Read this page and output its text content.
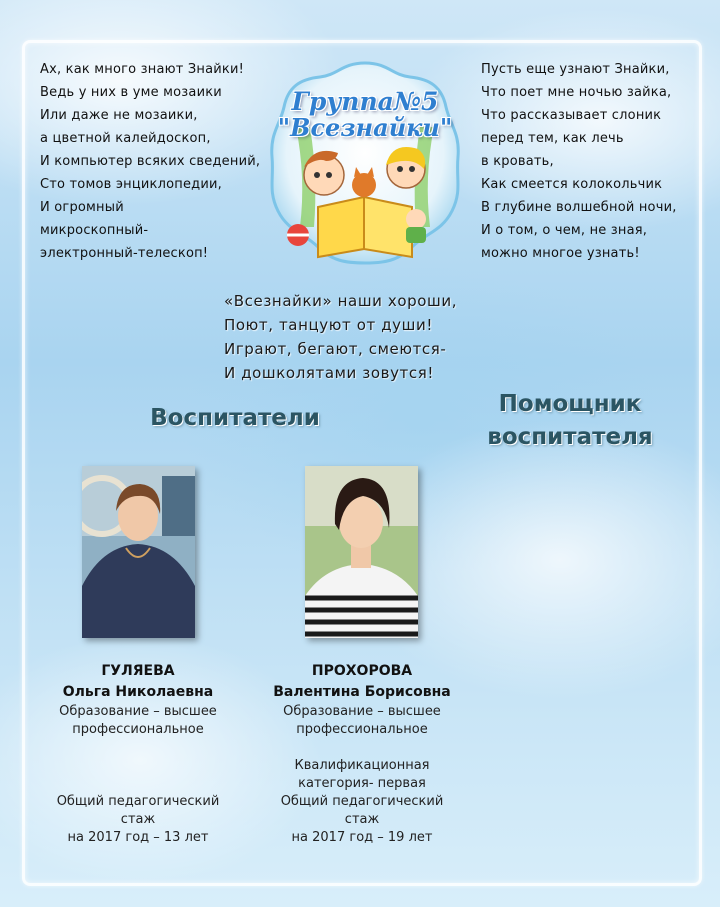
Ах, как много знают Знайки!
Ведь у них в уме мозаики
Или даже не мозаики,
а цветной калейдоскоп,
И компьютер всяких сведений,
Сто томов энциклопедии,
И огромный
микроскопный-
электронный-телескоп!
Группа№5
"Всезнайки"
Пусть еще узнают Знайки,
Что поет мне ночью зайка,
Что рассказывает слоник
перед тем, как лечь
в кровать,
Как смеется колокольчик
В глубине волшебной ночи,
И о том, о чем, не зная,
можно многое узнать!
«Всезнайки» наши хороши,
Поют, танцуют от души!
Играют, бегают, смеются-
И дошколятами зовутся!
Воспитатели
Помощник
воспитателя
ГУЛЯЕВА
Ольга Николаевна
Образование – высшее
профессиональное
Общий педагогический
стаж
на 2017 год – 13 лет
ПРОХОРОВА
Валентина Борисовна
Образование – высшее
профессиональное
Квалификационная
категория- первая
Общий педагогический
стаж
на 2017 год – 19 лет
